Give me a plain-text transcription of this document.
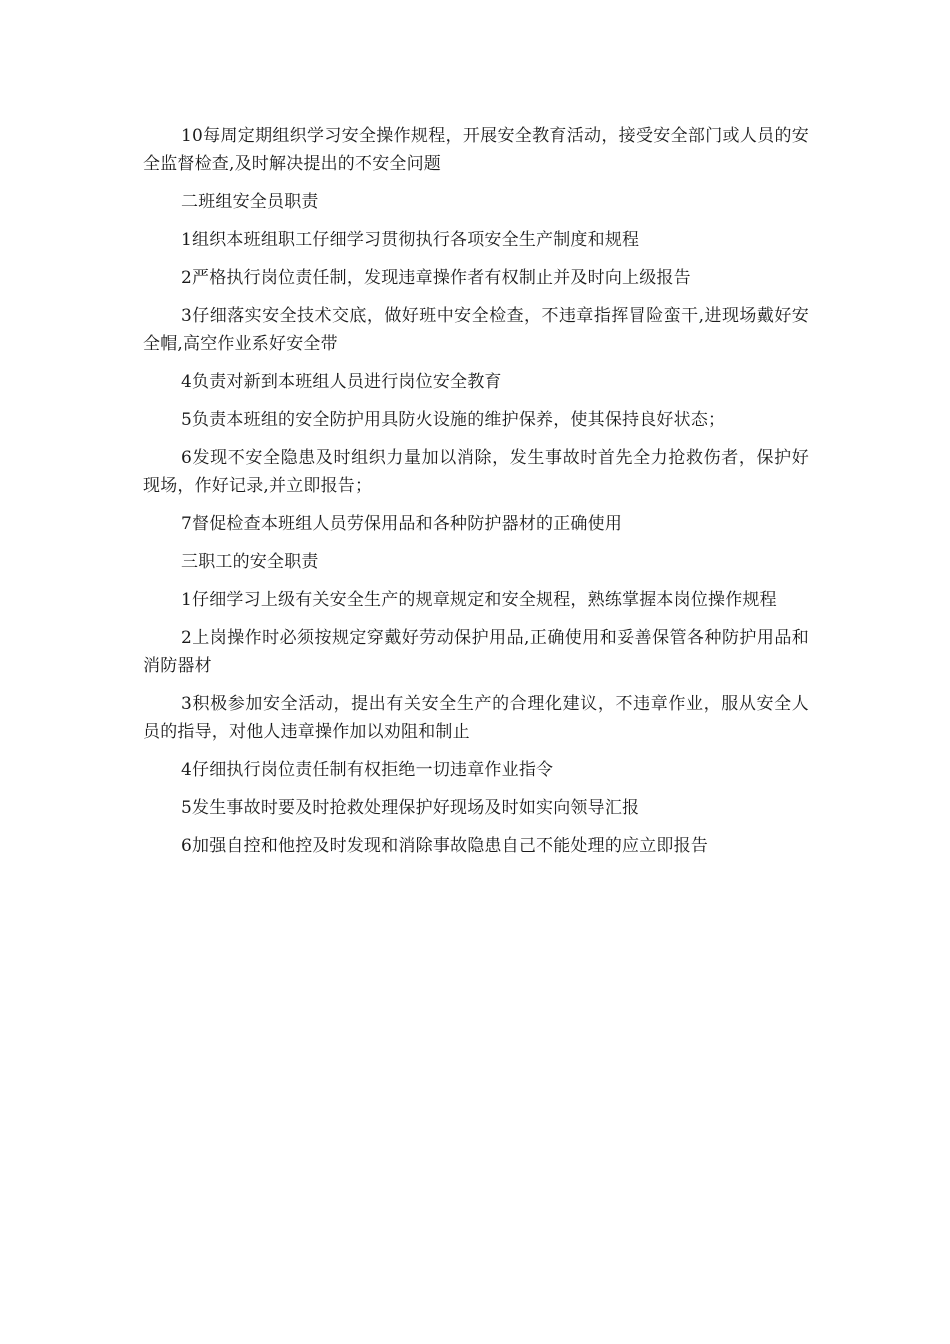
10每周定期组织学习安全操作规程，开展安全教育活动，接受安全部门或人员的安全监督检查,及时解决提出的不安全问题

二班组安全员职责

1组织本班组职工仔细学习贯彻执行各项安全生产制度和规程

2严格执行岗位责任制，发现违章操作者有权制止并及时向上级报告

3仔细落实安全技术交底，做好班中安全检查，不违章指挥冒险蛮干,进现场戴好安全帽,高空作业系好安全带

4负责对新到本班组人员进行岗位安全教育

5负责本班组的安全防护用具防火设施的维护保养，使其保持良好状态；

6发现不安全隐患及时组织力量加以消除，发生事故时首先全力抢救伤者，保护好现场，作好记录,并立即报告；

7督促检查本班组人员劳保用品和各种防护器材的正确使用

三职工的安全职责

1仔细学习上级有关安全生产的规章规定和安全规程，熟练掌握本岗位操作规程

2上岗操作时必须按规定穿戴好劳动保护用品,正确使用和妥善保管各种防护用品和消防器材

3积极参加安全活动，提出有关安全生产的合理化建议，不违章作业，服从安全人员的指导，对他人违章操作加以劝阻和制止

4仔细执行岗位责任制有权拒绝一切违章作业指令

5发生事故时要及时抢救处理保护好现场及时如实向领导汇报

6加强自控和他控及时发现和消除事故隐患自己不能处理的应立即报告
